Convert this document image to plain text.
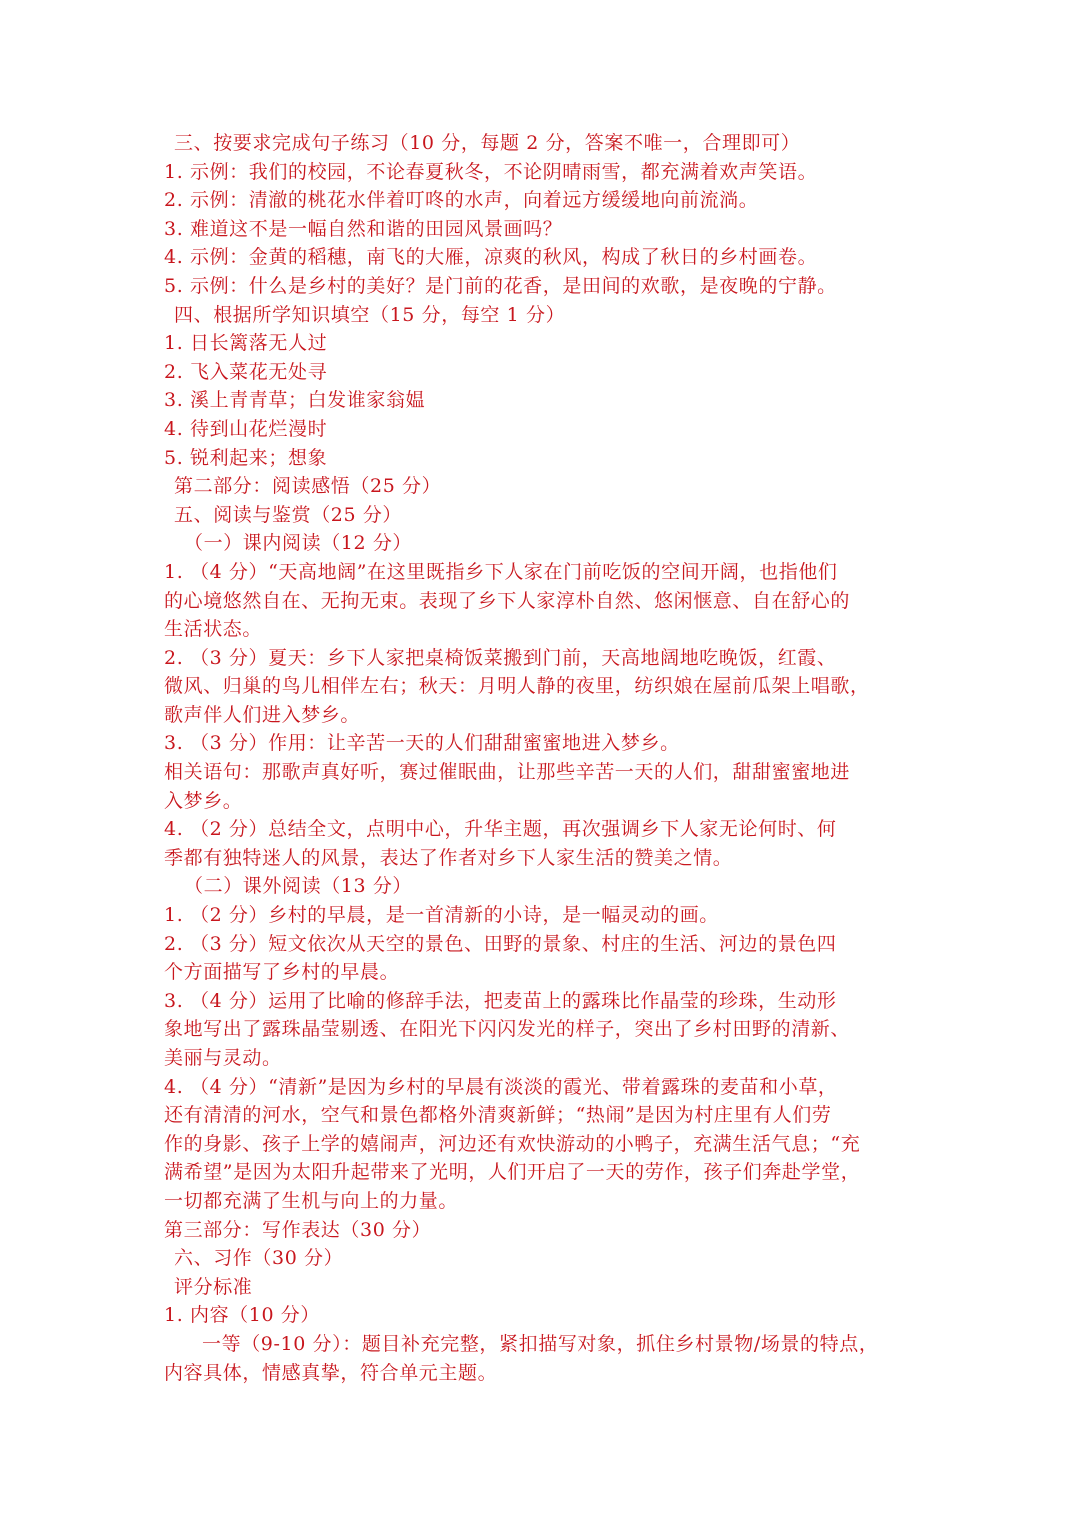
三、按要求完成句子练习（10 分，每题 2 分，答案不唯一，合理即可）
1. 示例：我们的校园，不论春夏秋冬，不论阴晴雨雪，都充满着欢声笑语。
2. 示例：清澈的桃花水伴着叮咚的水声，向着远方缓缓地向前流淌。
3. 难道这不是一幅自然和谐的田园风景画吗？
4. 示例：金黄的稻穗，南飞的大雁，凉爽的秋风，构成了秋日的乡村画卷。
5. 示例：什么是乡村的美好？是门前的花香，是田间的欢歌，是夜晚的宁静。
四、根据所学知识填空（15 分，每空 1 分）
1. 日长篱落无人过
2. 飞入菜花无处寻
3. 溪上青青草；白发谁家翁媪
4. 待到山花烂漫时
5. 锐利起来；想象
第二部分：阅读感悟（25 分）
五、阅读与鉴赏（25 分）
（一）课内阅读（12 分）
1. （4 分）“天高地阔”在这里既指乡下人家在门前吃饭的空间开阔，也指他们
的心境悠然自在、无拘无束。表现了乡下人家淳朴自然、悠闲惬意、自在舒心的
生活状态。
2. （3 分）夏天：乡下人家把桌椅饭菜搬到门前，天高地阔地吃晚饭，红霞、
微风、归巢的鸟儿相伴左右；秋天：月明人静的夜里，纺织娘在屋前瓜架上唱歌，
歌声伴人们进入梦乡。
3. （3 分）作用：让辛苦一天的人们甜甜蜜蜜地进入梦乡。
相关语句：那歌声真好听，赛过催眠曲，让那些辛苦一天的人们，甜甜蜜蜜地进
入梦乡。
4. （2 分）总结全文，点明中心，升华主题，再次强调乡下人家无论何时、何
季都有独特迷人的风景，表达了作者对乡下人家生活的赞美之情。
（二）课外阅读（13 分）
1. （2 分）乡村的早晨，是一首清新的小诗，是一幅灵动的画。
2. （3 分）短文依次从天空的景色、田野的景象、村庄的生活、河边的景色四
个方面描写了乡村的早晨。
3. （4 分）运用了比喻的修辞手法，把麦苗上的露珠比作晶莹的珍珠，生动形
象地写出了露珠晶莹剔透、在阳光下闪闪发光的样子，突出了乡村田野的清新、
美丽与灵动。
4. （4 分）“清新”是因为乡村的早晨有淡淡的霞光、带着露珠的麦苗和小草，
还有清清的河水，空气和景色都格外清爽新鲜；“热闹”是因为村庄里有人们劳
作的身影、孩子上学的嬉闹声，河边还有欢快游动的小鸭子，充满生活气息；“充
满希望”是因为太阳升起带来了光明，人们开启了一天的劳作，孩子们奔赴学堂，
一切都充满了生机与向上的力量。
第三部分：写作表达（30 分）
六、习作（30 分）
评分标准
1. 内容（10 分）
一等（9-10 分）：题目补充完整，紧扣描写对象，抓住乡村景物/场景的特点，
内容具体，情感真挚，符合单元主题。
